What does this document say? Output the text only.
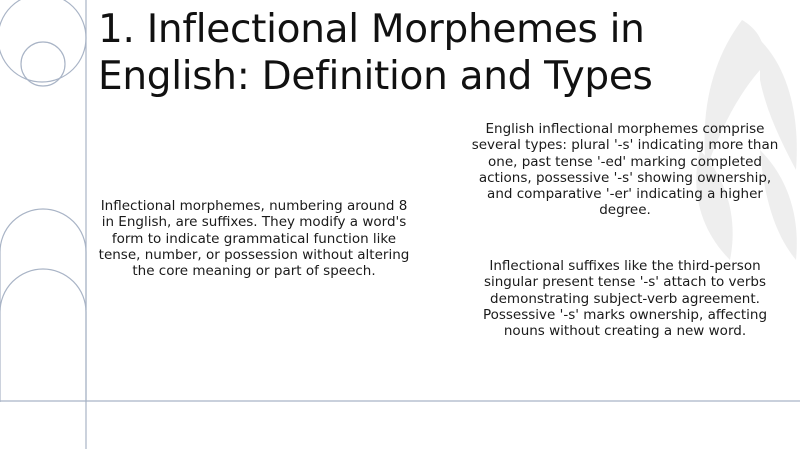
1. Inflectional Morphemes in English: Definition and Types

Inflectional morphemes, numbering around 8 in English, are suffixes. They modify a word's form to indicate grammatical function like tense, number, or possession without altering the core meaning or part of speech.

English inflectional morphemes comprise several types: plural '-s' indicating more than one, past tense '-ed' marking completed actions, possessive '-s' showing ownership, and comparative '-er' indicating a higher degree.

Inflectional suffixes like the third-person singular present tense '-s' attach to verbs demonstrating subject-verb agreement. Possessive '-s' marks ownership, affecting nouns without creating a new word.
